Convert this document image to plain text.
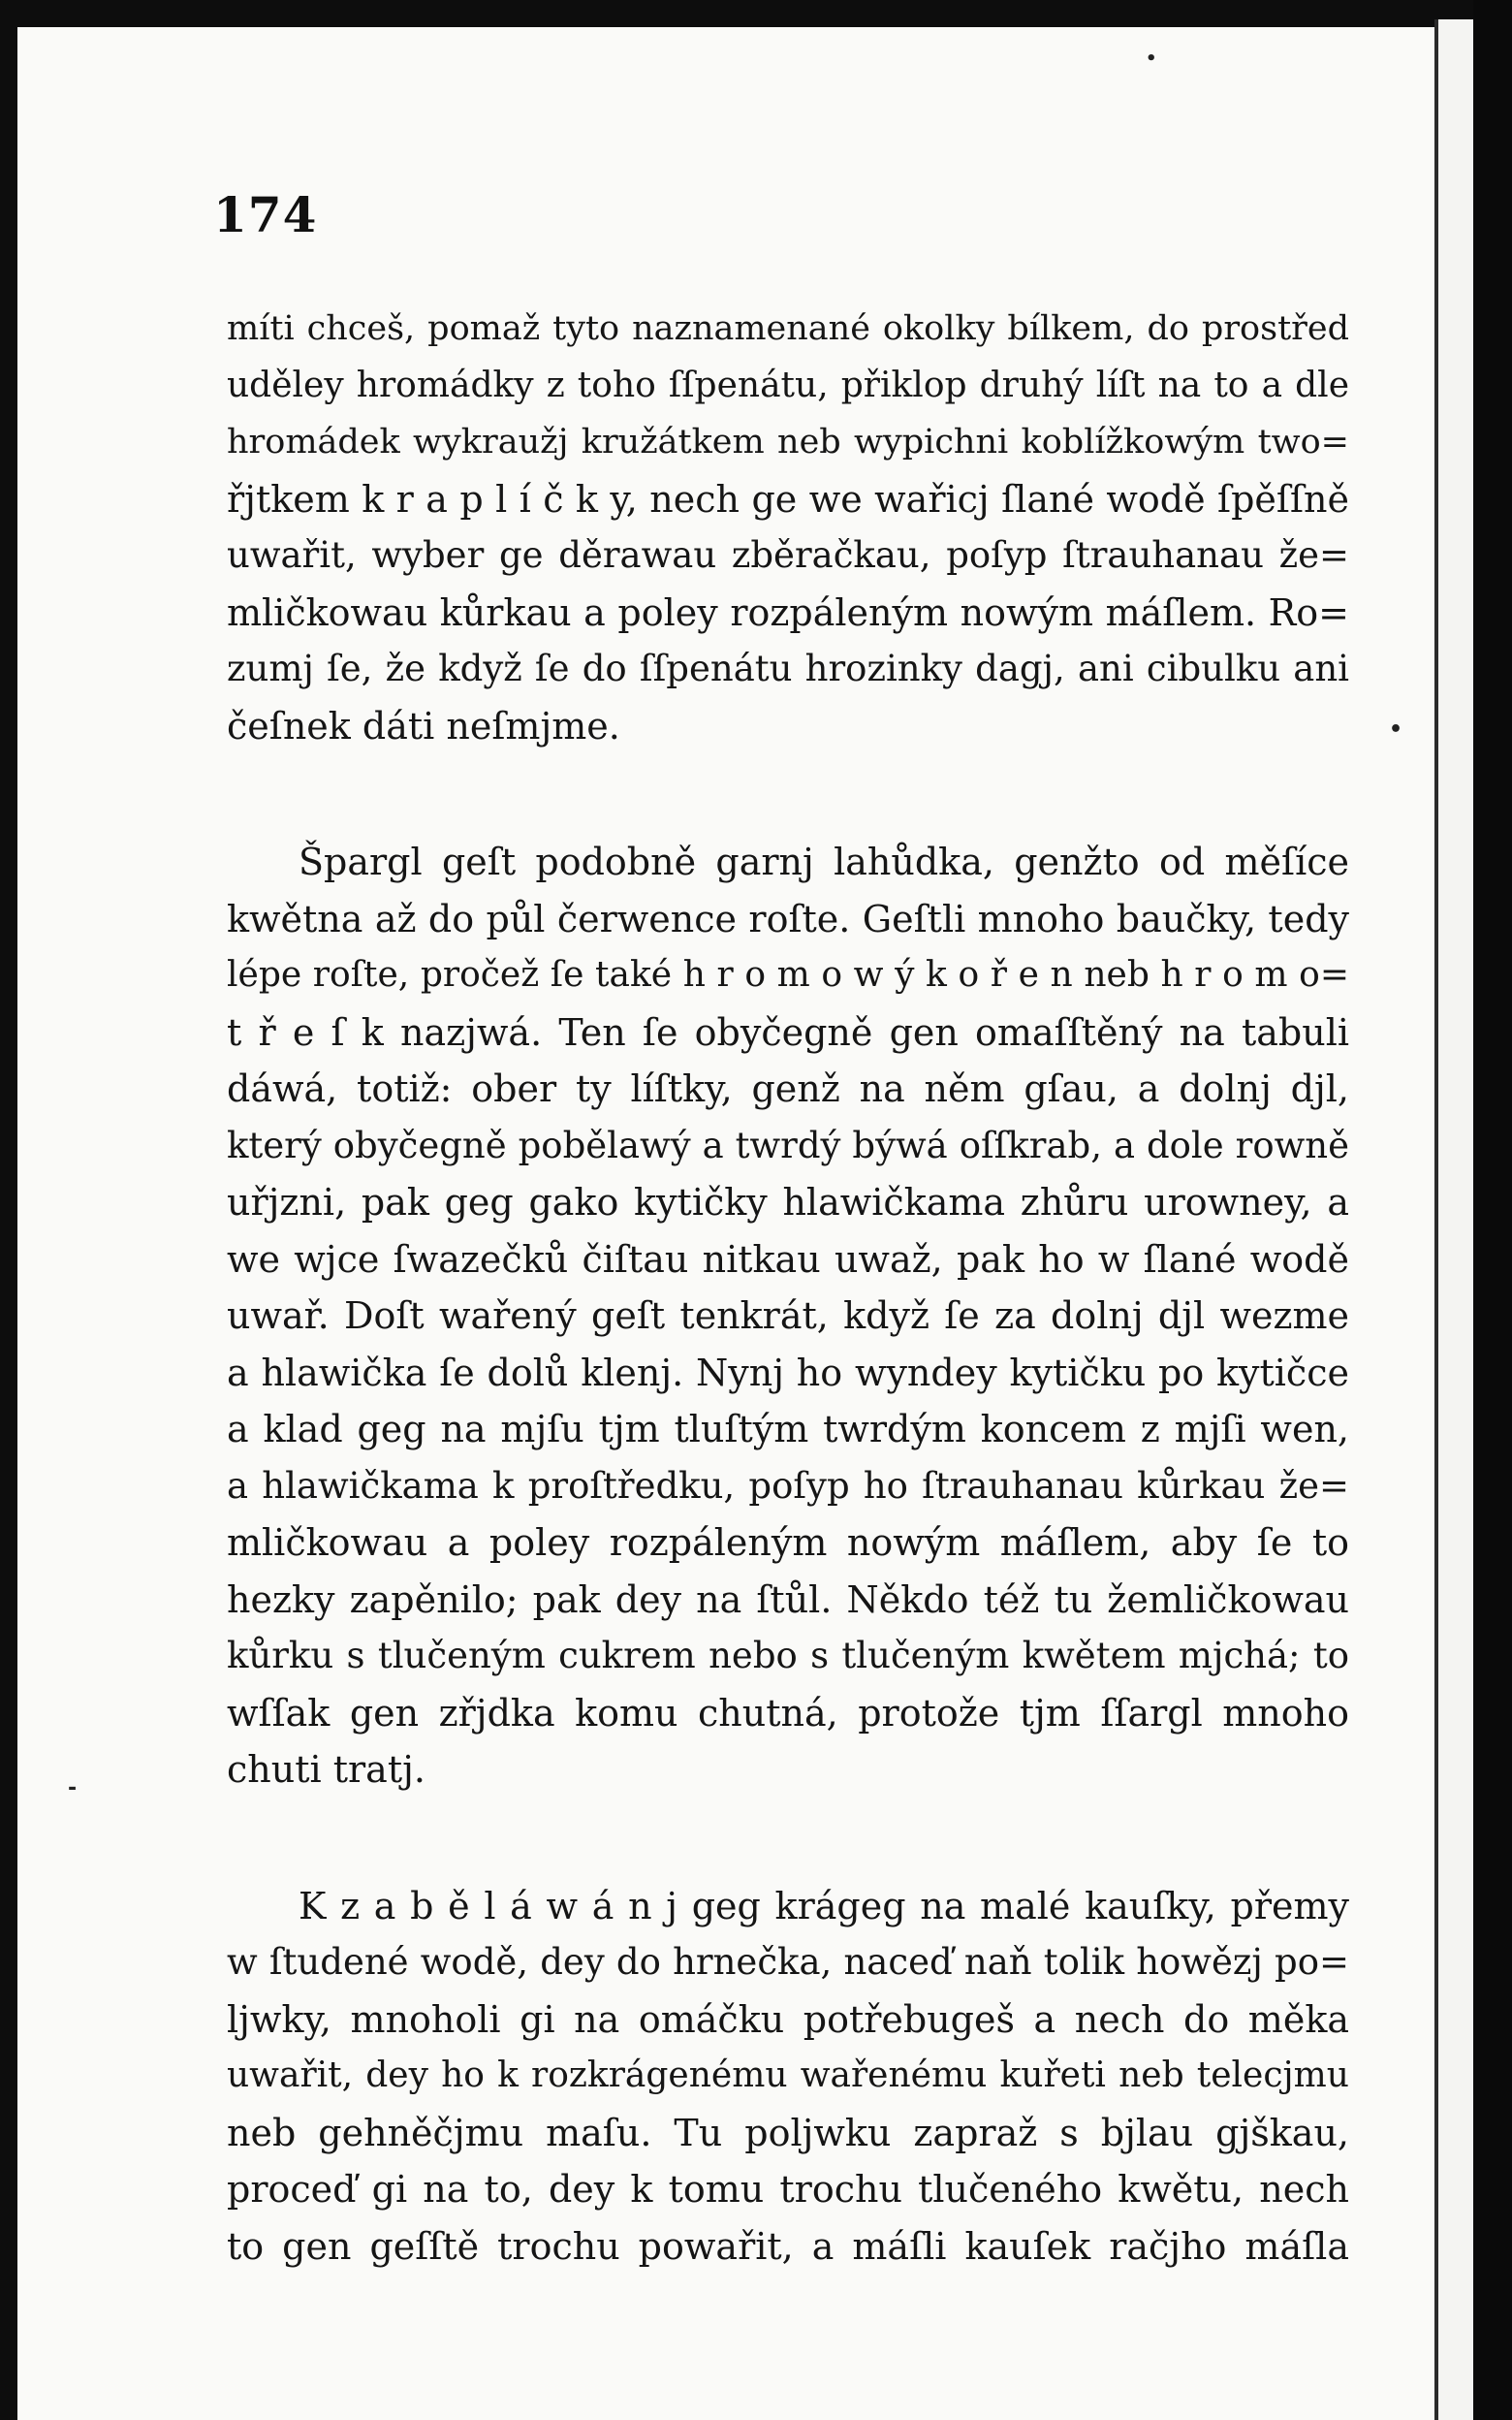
•
•
-
174
míti chceš, pomaž tyto naznamenané okolky bílkem, do prostřed
uděley hromádky z toho ſſpenátu, přiklop druhý líſt na to a dle
hromádek wykraužj kružátkem neb wypichni koblížkowým two=
řjtkem k r a p l í č k y, nech ge we wařicj ſlané wodě ſpěſſně
uwařit, wyber ge děrawau zběračkau, poſyp ſtrauhanau že=
mličkowau kůrkau a poley rozpáleným nowým máſlem. Ro=
zumj ſe, že když ſe do ſſpenátu hrozinky dagj, ani cibulku ani
čeſnek dáti neſmjme.
Špargl geſt podobně garnj lahůdka, genžto od měſíce
kwětna až do půl čerwence roſte. Geſtli mnoho baučky, tedy
lépe roſte, pročež ſe také h r o m o w ý k o ř e n neb h r o m o=
t ř e ſ k nazjwá. Ten ſe obyčegně gen omaſſtěný na tabuli
dáwá, totiž: ober ty líſtky, genž na něm gſau, a dolnj djl,
který obyčegně pobělawý a twrdý býwá oſſkrab, a dole rowně
uřjzni, pak geg gako kytičky hlawičkama zhůru urowney, a
we wjce ſwazečků čiſtau nitkau uwaž, pak ho w ſlané wodě
uwař. Doſt wařený geſt tenkrát, když ſe za dolnj djl wezme
a hlawička ſe dolů klenj. Nynj ho wyndey kytičku po kytičce
a klad geg na mjſu tjm tluſtým twrdým koncem z mjſi wen,
a hlawičkama k proſtředku, poſyp ho ſtrauhanau kůrkau že=
mličkowau a poley rozpáleným nowým máſlem, aby ſe to
hezky zapěnilo; pak dey na ſtůl. Někdo též tu žemličkowau
kůrku s tlučeným cukrem nebo s tlučeným kwětem mjchá; to
wſſak gen zřjdka komu chutná, protože tjm ſſargl mnoho
chuti tratj.
K z a b ě l á w á n j geg krágeg na malé kauſky, přemy
w ſtudené wodě, dey do hrnečka, naceď naň tolik howězj po=
ljwky, mnoholi gi na omáčku potřebugeš a nech do měka
uwařit, dey ho k rozkrágenému wařenému kuřeti neb telecjmu
neb gehněčjmu maſu. Tu poljwku zapraž s bjlau gjškau,
proceď gi na to, dey k tomu trochu tlučeného kwětu, nech
to gen geſſtě trochu powařit, a máſli kauſek račjho máſla
